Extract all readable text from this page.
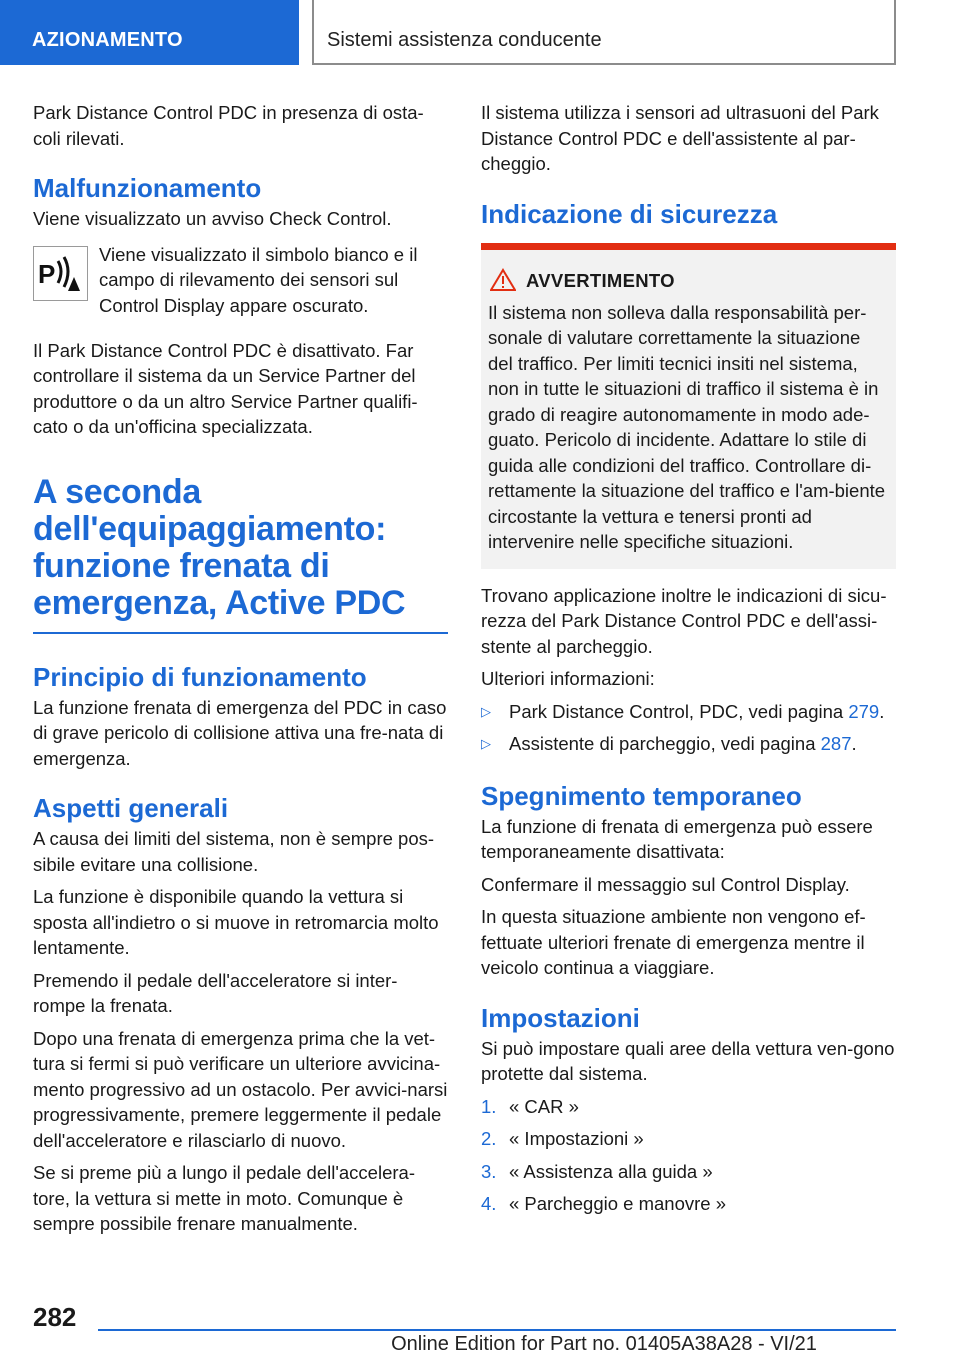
AZIONAMENTO	Sistemi assistenza conducente

Park Distance Control PDC in presenza di osta-coli rilevati.

Malfunzionamento

Viene visualizzato un avviso Check Control.

P

Viene visualizzato il simbolo bianco e il campo di rilevamento dei sensori sul Control Display appare oscurato.

Il Park Distance Control PDC è disattivato. Far controllare il sistema da un Service Partner del produttore o da un altro Service Partner qualifi-cato o da un'officina specializzata.

A seconda dell'equipaggiamento: funzione frenata di emergenza, Active PDC
Principio di funzionamento

La funzione frenata di emergenza del PDC in caso di grave pericolo di collisione attiva una fre-nata di emergenza.

Aspetti generali

A causa dei limiti del sistema, non è sempre pos-sibile evitare una collisione.

La funzione è disponibile quando la vettura si sposta all'indietro o si muove in retromarcia molto lentamente.

Premendo il pedale dell'acceleratore si inter-rompe la frenata.

Dopo una frenata di emergenza prima che la vet-tura si fermi si può verificare un ulteriore avvicina-mento progressivo ad un ostacolo. Per avvici-narsi progressivamente, premere leggermente il pedale dell'acceleratore e rilasciarlo di nuovo.

Se si preme più a lungo il pedale dell'accelera-tore, la vettura si mette in moto. Comunque è sempre possibile frenare manualmente.

Il sistema utilizza i sensori ad ultrasuoni del Park Distance Control PDC e dell'assistente al par-cheggio.

Indicazione di sicurezza
AVVERTIMENTO

Il sistema non solleva dalla responsabilità per-sonale di valutare correttamente la situazione del traffico. Per limiti tecnici insiti nel sistema, non in tutte le situazioni di traffico il sistema è in grado di reagire autonomamente in modo ade-guato. Pericolo di incidente. Adattare lo stile di guida alle condizioni del traffico. Controllare di-rettamente la situazione del traffico e l'am-biente circostante la vettura e tenersi pronti ad intervenire nelle specifiche situazioni.

Trovano applicazione inoltre le indicazioni di sicu-rezza del Park Distance Control PDC e dell'assi-stente al parcheggio.

Ulteriori informazioni:

▷ Park Distance Control, PDC, vedi pagina 279.
▷ Assistente di parcheggio, vedi pagina 287.
Spegnimento temporaneo

La funzione di frenata di emergenza può essere temporaneamente disattivata:

Confermare il messaggio sul Control Display.

In questa situazione ambiente non vengono ef-fettuate ulteriori frenate di emergenza mentre il veicolo continua a viaggiare.

Impostazioni

Si può impostare quali aree della vettura ven-gono protette dal sistema.

1. « CAR »
2. « Impostazioni »
3. « Assistenza alla guida »
4. « Parcheggio e manovre »
282
Online Edition for Part no. 01405A38A28 - VI/21
